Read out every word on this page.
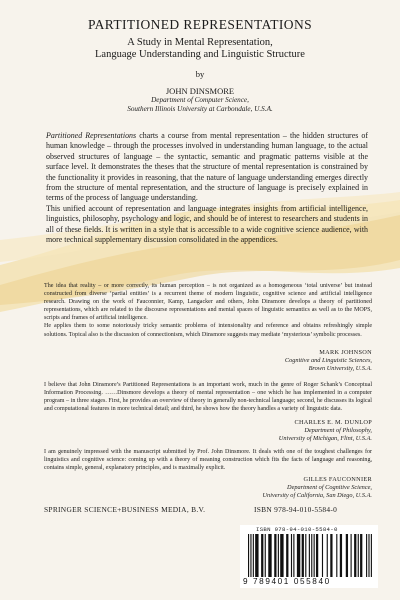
PARTITIONED REPRESENTATIONS
A Study in Mental Representation,
Language Understanding and Linguistic Structure
by
JOHN DINSMORE
Department of Computer Science,
Southern Illinois University at Carbondale, U.S.A.

Partitioned Representations charts a course from mental representation – the hidden structures of human knowledge – through the processes involved in understanding human language, to the actual observed structures of language – the syntactic, semantic and pragmatic patterns visible at the surface level. It demonstrates the theses that the structure of mental representation is constrained by the functionality it provides in reasoning, that the nature of language understanding emerges directly from the structure of mental representation, and the structure of language is precisely explained in terms of the process of language understanding.

This unified account of representation and language integrates insights from artificial intelligence, linguistics, philosophy, psychology and logic, and should be of interest to researchers and students in all of these fields. It is written in a style that is accessible to a wide cognitive science audience, with more technical supplementary discussion consolidated in the appendices.

The idea that reality – or more correctly, its human perception – is not organized as a homogeneous ‘total universe’ but instead constructed from diverse ‘partial entities’ is a recurrent theme of modern linguistic, cognitive science and artificial intelligence research. Drawing on the work of Fauconnier, Kamp, Langacker and others, John Dinsmore develops a theory of partitioned representations, which are related to the discourse representations and mental spaces of linguistic semantics as well as to the MOPS, scripts and frames of artificial intelligence.

He applies them to some notoriously tricky semantic problems of intensionality and reference and obtains refreshingly simple solutions. Topical also is the discussion of connectionism, which Dinsmore suggests may mediate ‘mysterious’ symbolic processes.

MARK JOHNSON
Cognitive and Linguistic Sciences,
Brown University, U.S.A.

I believe that John Dinsmore’s Partitioned Representations is an important work, much in the genre of Roger Schank’s Conceptual Information Processing. ……Dinsmore develops a theory of mental representation – one which he has implemented in a computer program – in three stages. First, he provides an overview of theory in generally non-technical language; second, he discusses its logical and computational features in more technical detail; and third, he shows how the theory handles a variety of linguistic data.

CHARLES E. M. DUNLOP
Department of Philosophy,
University of Michigan, Flint, U.S.A.

I am genuinely impressed with the manuscript submitted by Prof. John Dinsmore. It deals with one of the toughest challenges for linguistics and cognitive science: coming up with a theory of meaning construction which fits the facts of language and reasoning, contains simple, general, explanatory principles, and is maximally explicit.

GILLES FAUCONNIER
Department of Cognitive Science,
University of California, San Diego, U.S.A.
SPRINGER SCIENCE+BUSINESS MEDIA, B.V.	ISBN 978-94-010-5584-0
ISBN 978-94-010-5584-0
9 789401 055840
